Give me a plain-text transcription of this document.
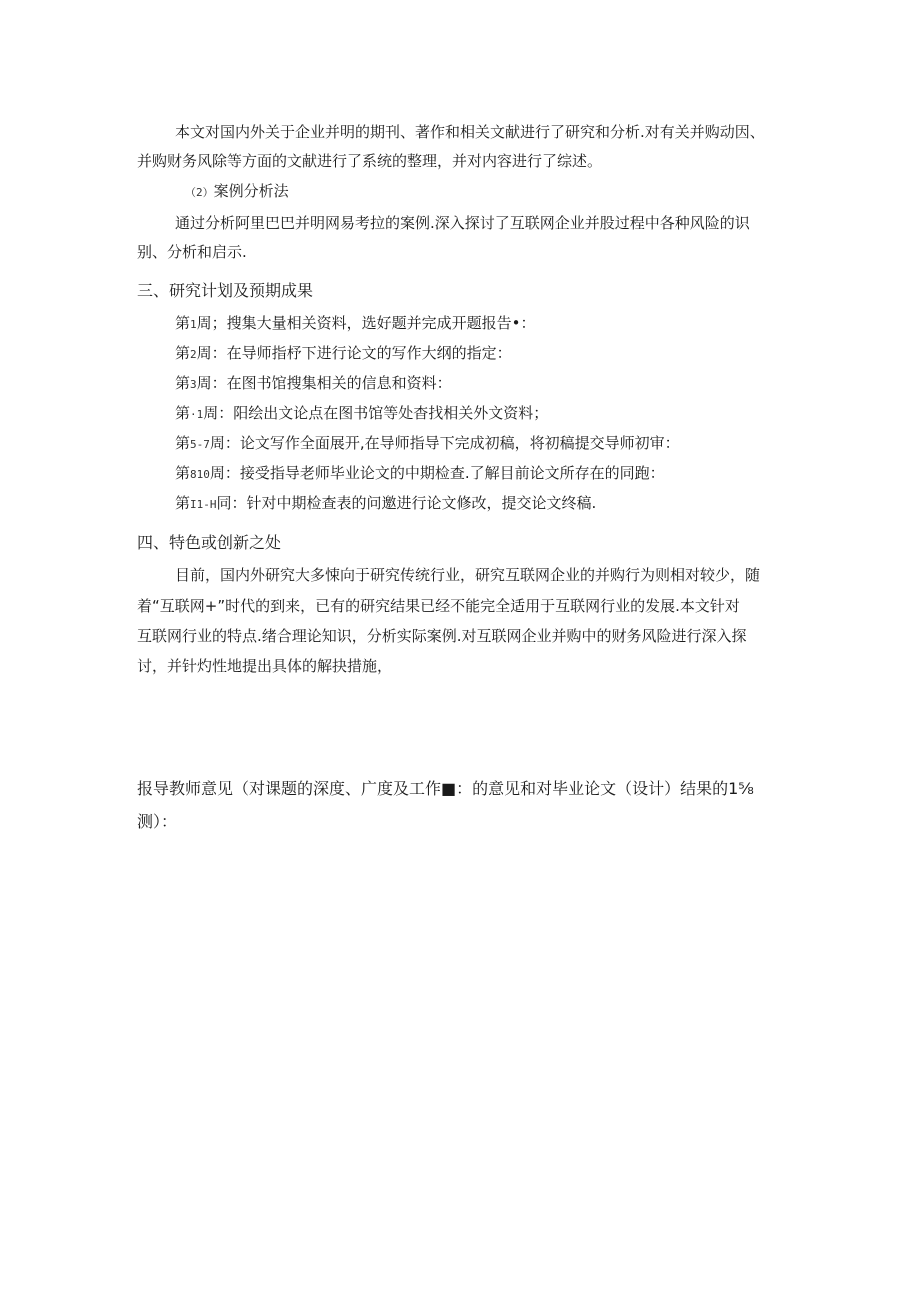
本文对国内外关于企业并明的期刊、著作和相关文献进行了研究和分析.对有关并购动因、
并购财务风除等方面的文献进行了系统的整理，并对内容进行了综述。
（2）案例分析法
通过分析阿里巴巴并明网易考拉的案例.深入探讨了互联网企业并股过程中各种风险的识
别、分析和启示.
三、研究计划及预期成果
第1周；搜集大量相关资料，选好题并完成开题报告•：
第2周：在导师指杼下进行论文的写作大纲的指定：
第3周：在图书馆搜集相关的信息和资料：
第·1周：阳绘出文论点在图书馆等处杳找相关外文资料；
第5-7周：论文写作全面展开,在导师指导下完成初稿，将初稿提交导师初审：
第810周：接受指导老师毕业论文的中期检查.了解目前论文所存在的同跑：
第I1-H同：针对中期检查表的问邀进行论文修改，提交论文终稿.
四、特色或创新之处
目前，国内外研究大多悚向于研究传统行业，研究互联网企业的并购行为则相对较少，随
着“互联网+”时代的到来，已有的研究结果已经不能完全适用于互联网行业的发展.本文针对
互联网行业的特点.绪合理论知识，分析实际案例.对互联网企业并购中的财务风险进行深入探
讨，并针灼性地提出具体的解抉措施，
报导教师意见（对课题的深度、广度及工作■：的意见和对毕业论文（设计）结果的1⅝
测）：
